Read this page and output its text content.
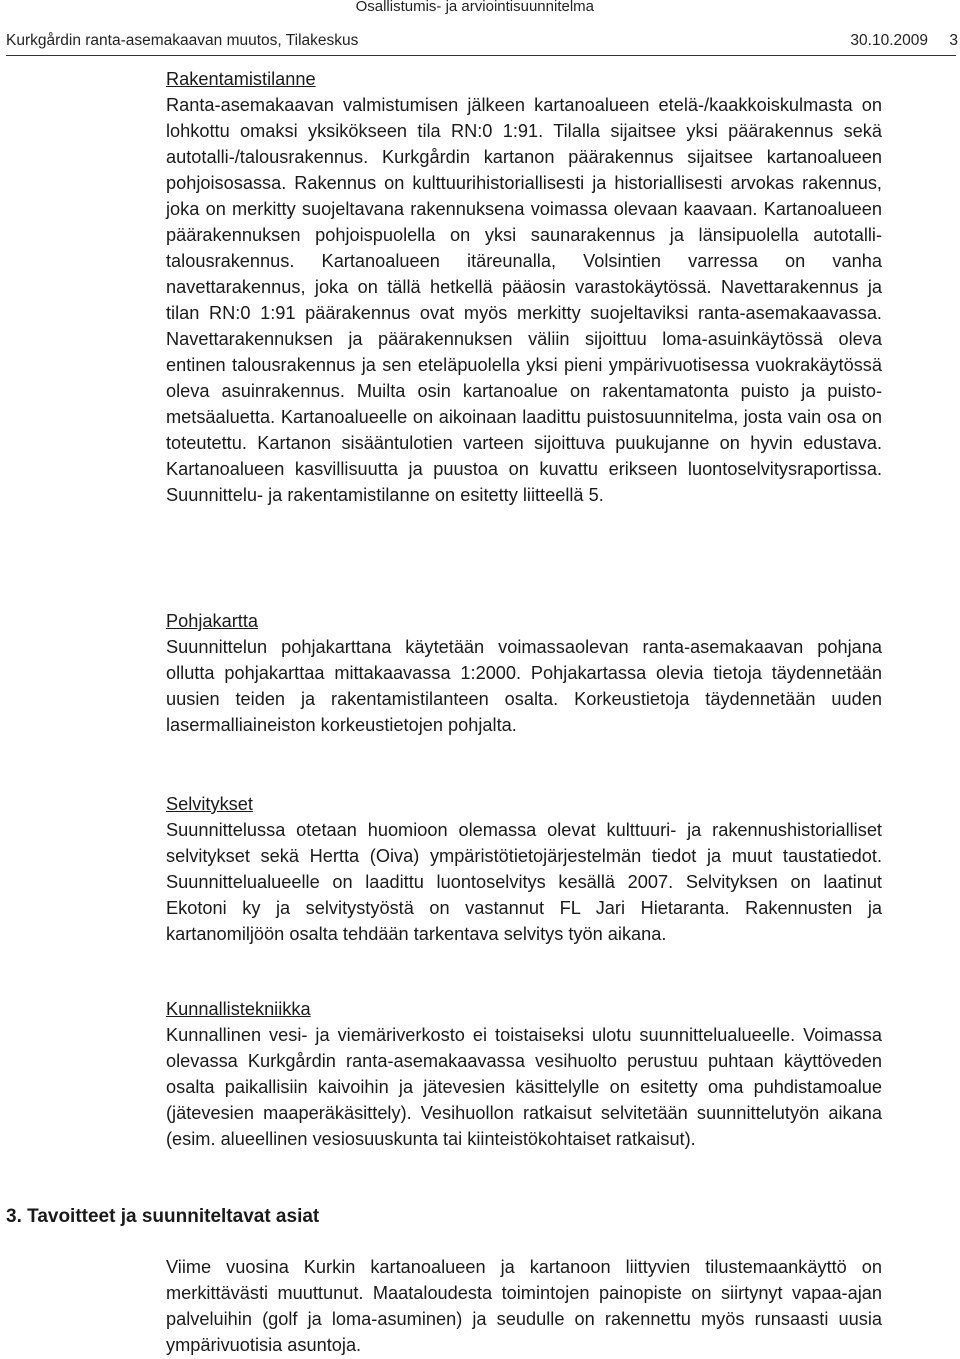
Osallistumis- ja arviointisuunnitelma
Kurkgårdin ranta-asemakaavan muutos, Tilakeskus	30.10.2009 3
Rakentamistilanne
Ranta-asemakaavan valmistumisen jälkeen kartanoalueen etelä-/kaakkoiskulmasta on lohkottu omaksi yksikökseen tila RN:0 1:91. Tilalla sijaitsee yksi päärakennus sekä autotalli-/talousrakennus. Kurkgårdin kartanon päärakennus sijaitsee kartanoalueen pohjoisosassa. Rakennus on kulttuurihistoriallisesti ja historiallisesti arvokas rakennus, joka on merkitty suojeltavana rakennuksena voimassa olevaan kaavaan. Kartanoalueen päärakennuksen pohjoispuolella on yksi saunarakennus ja länsipuolella autotalli-talousrakennus. Kartanoalueen itäreunalla, Volsintien varressa on vanha navettarakennus, joka on tällä hetkellä pääosin varastokäytössä. Navettarakennus ja tilan RN:0 1:91 päärakennus ovat myös merkitty suojeltaviksi ranta-asemakaavassa. Navettarakennuksen ja päärakennuksen väliin sijoittuu loma-asuinkäytössä oleva entinen talousrakennus ja sen eteläpuolella yksi pieni ympärivuotisessa vuokrakäytössä oleva asuinrakennus. Muilta osin kartanoalue on rakentamatonta puisto ja puisto-metsäaluetta. Kartanoalueelle on aikoinaan laadittu puistosuunnitelma, josta vain osa on toteutettu. Kartanon sisääntulotien varteen sijoittuva puukujanne on hyvin edustava. Kartanoalueen kasvillisuutta ja puustoa on kuvattu erikseen luontoselvitysraportissa. Suunnittelu- ja rakentamistilanne on esitetty liitteellä 5.
Pohjakartta
Suunnittelun pohjakarttana käytetään voimassaolevan ranta-asemakaavan pohjana ollutta pohjakarttaa mittakaavassa 1:2000. Pohjakartassa olevia tietoja täydennetään uusien teiden ja rakentamistilanteen osalta. Korkeustietoja täydennetään uuden lasermalliaineiston korkeustietojen pohjalta.
Selvitykset
Suunnittelussa otetaan huomioon olemassa olevat kulttuuri- ja rakennushistorialliset selvitykset sekä Hertta (Oiva) ympäristötietojärjestelmän tiedot ja muut taustatiedot. Suunnittelualueelle on laadittu luontoselvitys kesällä 2007. Selvityksen on laatinut Ekotoni ky ja selvitystyöstä on vastannut FL Jari Hietaranta. Rakennusten ja kartanomiljöön osalta tehdään tarkentava selvitys työn aikana.
Kunnallistekniikka
Kunnallinen vesi- ja viemäriverkosto ei toistaiseksi ulotu suunnittelualueelle. Voimassa olevassa Kurkgårdin ranta-asemakaavassa vesihuolto perustuu puhtaan käyttöveden osalta paikallisiin kaivoihin ja jätevesien käsittelylle on esitetty oma puhdistamoalue (jätevesien maaperäkäsittely). Vesihuollon ratkaisut selvitetään suunnittelutyön aikana (esim. alueellinen vesiosuuskunta tai kiinteistökohtaiset ratkaisut).
3. Tavoitteet ja suunniteltavat asiat
Viime vuosina Kurkin kartanoalueen ja kartanoon liittyvien tilustemaankäyttö on merkittävästi muuttunut. Maataloudesta toimintojen painopiste on siirtynyt vapaa-ajan palveluihin (golf ja loma-asuminen) ja seudulle on rakennettu myös runsaasti uusia ympärivuotisia asuntoja.
